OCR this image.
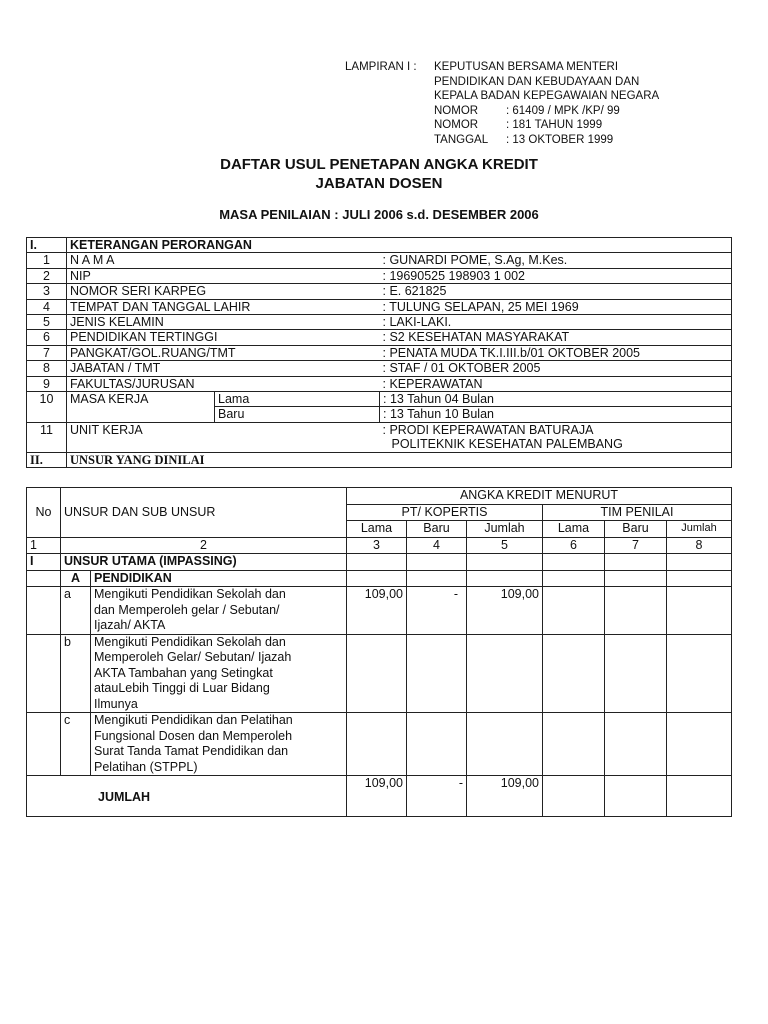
LAMPIRAN I :	KEPUTUSAN BERSAMA MENTERI
PENDIDIKAN DAN KEBUDAYAAN DAN
KEPALA BADAN KEPEGAWAIAN NEGARA
NOMOR	: 61409 / MPK /KP/ 99
NOMOR	: 181 TAHUN 1999
TANGGAL	: 13 OKTOBER 1999
DAFTAR USUL PENETAPAN ANGKA KREDIT
JABATAN DOSEN
MASA PENILAIAN : JULI 2006 s.d. DESEMBER 2006
I.	KETERANGAN PERORANGAN		
1	N A M A		: GUNARDI POME, S.Ag, M.Kes.
2	NIP		: 19690525 198903 1 002
3	NOMOR SERI KARPEG		: E. 621825
4	TEMPAT DAN TANGGAL LAHIR		: TULUNG SELAPAN, 25 MEI 1969
5	JENIS KELAMIN		: LAKI-LAKI.
6	PENDIDIKAN TERTINGGI		: S2 KESEHATAN MASYARAKAT
7	PANGKAT/GOL.RUANG/TMT		: PENATA MUDA TK.I.III.b/01 OKTOBER 2005
8	JABATAN / TMT		: STAF / 01 OKTOBER 2005
9	FAKULTAS/JURUSAN		: KEPERAWATAN
10	MASA KERJA	Lama	: 13 Tahun 04 Bulan
		Baru	: 13 Tahun 10 Bulan
11	UNIT KERJA		: PRODI KEPERAWATAN BATURAJA
POLITEKNIK KESEHATAN PALEMBANG

II.	UNSUR YANG DINILAI		
No	UNSUR DAN SUB UNSUR		ANGKA KREDIT MENURUT					
			PT/ KOPERTIS			TIM PENILAI		
			Lama	Baru	Jumlah	Lama	Baru	Jumlah
1	2		3	4	5	6	7	8
I	UNSUR UTAMA (IMPASSING)							
	A	PENDIDIKAN						
	a	Mengikuti Pendidikan Sekolah dan
dan Memperoleh gelar / Sebutan/
Ijazah/ AKTA	109,00	-	109,00			
	b	Mengikuti Pendidikan Sekolah dan
Memperoleh Gelar/ Sebutan/ Ijazah
AKTA Tambahan yang Setingkat
atauLebih Tinggi di Luar Bidang
Ilmunya						

	c	Mengikuti Pendidikan dan Pelatihan
Fungsional Dosen dan Memperoleh
Surat Tanda Tamat Pendidikan dan
Pelatihan (STPPL)						

JUMLAH			109,00	-	109,00			
